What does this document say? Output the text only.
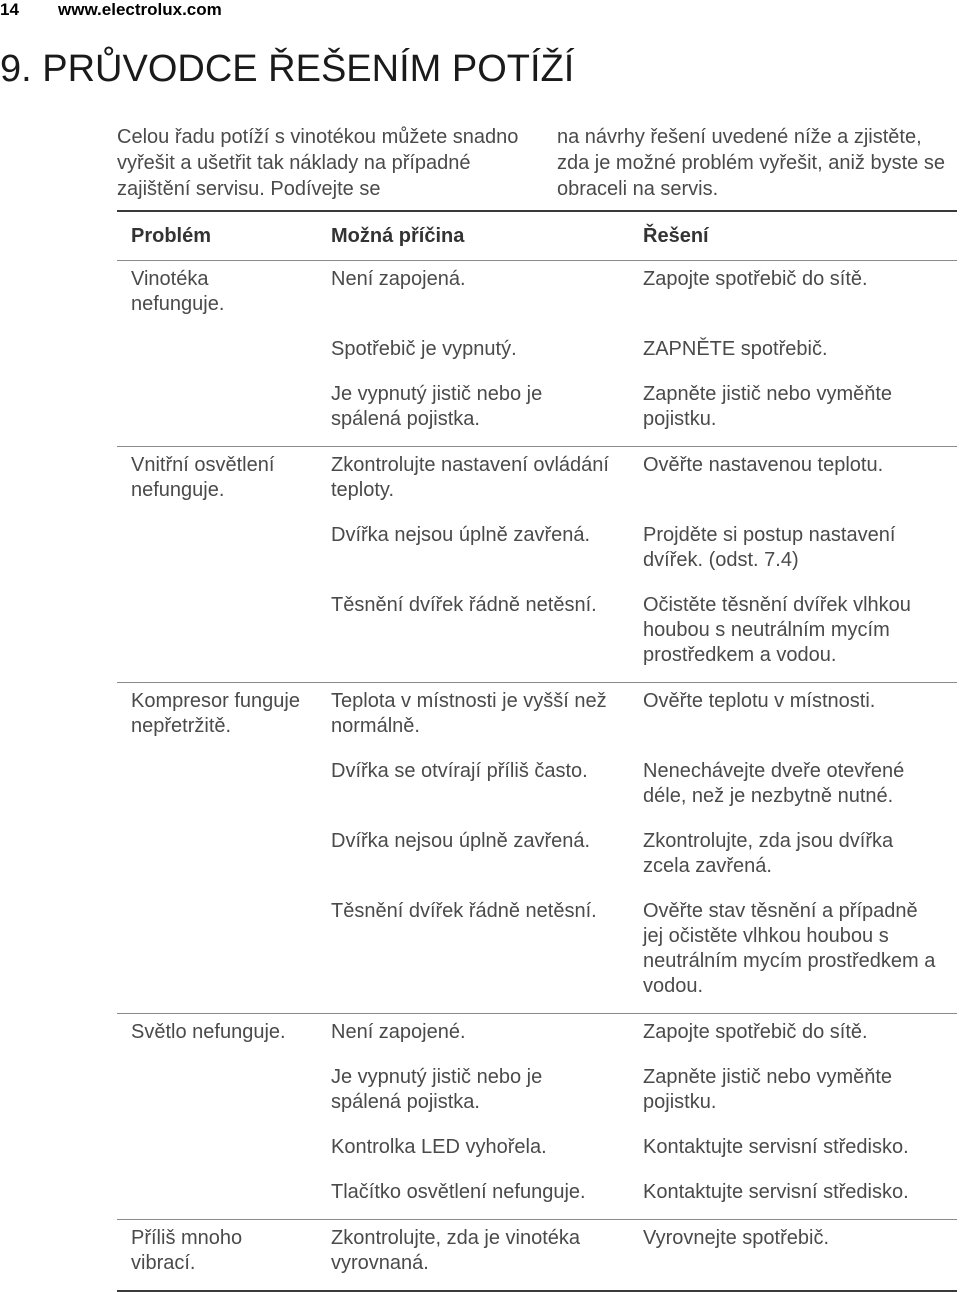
14 www.electrolux.com
9. PRŮVODCE ŘEŠENÍM POTÍŽÍ

Celou řadu potíží s vinotékou můžete snadno vyřešit a ušetřit tak náklady na případné zajištění servisu. Podívejte se

na návrhy řešení uvedené níže a zjistěte, zda je možné problém vyřešit, aniž byste se obraceli na servis.

Problém	Možná příčina	Řešení
Vinotéka nefunguje.	Není zapojená.	Zapojte spotřebič do sítě.
	Spotřebič je vypnutý.	ZAPNĚTE spotřebič.
	Je vypnutý jistič nebo je spálená pojistka.	Zapněte jistič nebo vyměňte pojistku.
Vnitřní osvětlení nefunguje.	Zkontrolujte nastavení ovládání teploty.	Ověřte nastavenou teplotu.
	Dvířka nejsou úplně zavřená.	Projděte si postup nastavení dvířek. (odst. 7.4)
	Těsnění dvířek řádně netěsní.	Očistěte těsnění dvířek vlhkou houbou s neutrálním mycím prostředkem a vodou.
Kompresor funguje nepřetržitě.	Teplota v místnosti je vyšší než normálně.	Ověřte teplotu v místnosti.
	Dvířka se otvírají příliš často.	Nenechávejte dveře otevřené déle, než je nezbytně nutné.
	Dvířka nejsou úplně zavřená.	Zkontrolujte, zda jsou dvířka zcela zavřená.
	Těsnění dvířek řádně netěsní.	Ověřte stav těsnění a případně jej očistěte vlhkou houbou s neutrálním mycím prostředkem a vodou.
Světlo nefunguje.	Není zapojené.	Zapojte spotřebič do sítě.
	Je vypnutý jistič nebo je spálená pojistka.	Zapněte jistič nebo vyměňte pojistku.
	Kontrolka LED vyhořela.	Kontaktujte servisní středisko.
	Tlačítko osvětlení nefunguje.	Kontaktujte servisní středisko.
Příliš mnoho vibrací.	Zkontrolujte, zda je vinotéka vyrovnaná.	Vyrovnejte spotřebič.
